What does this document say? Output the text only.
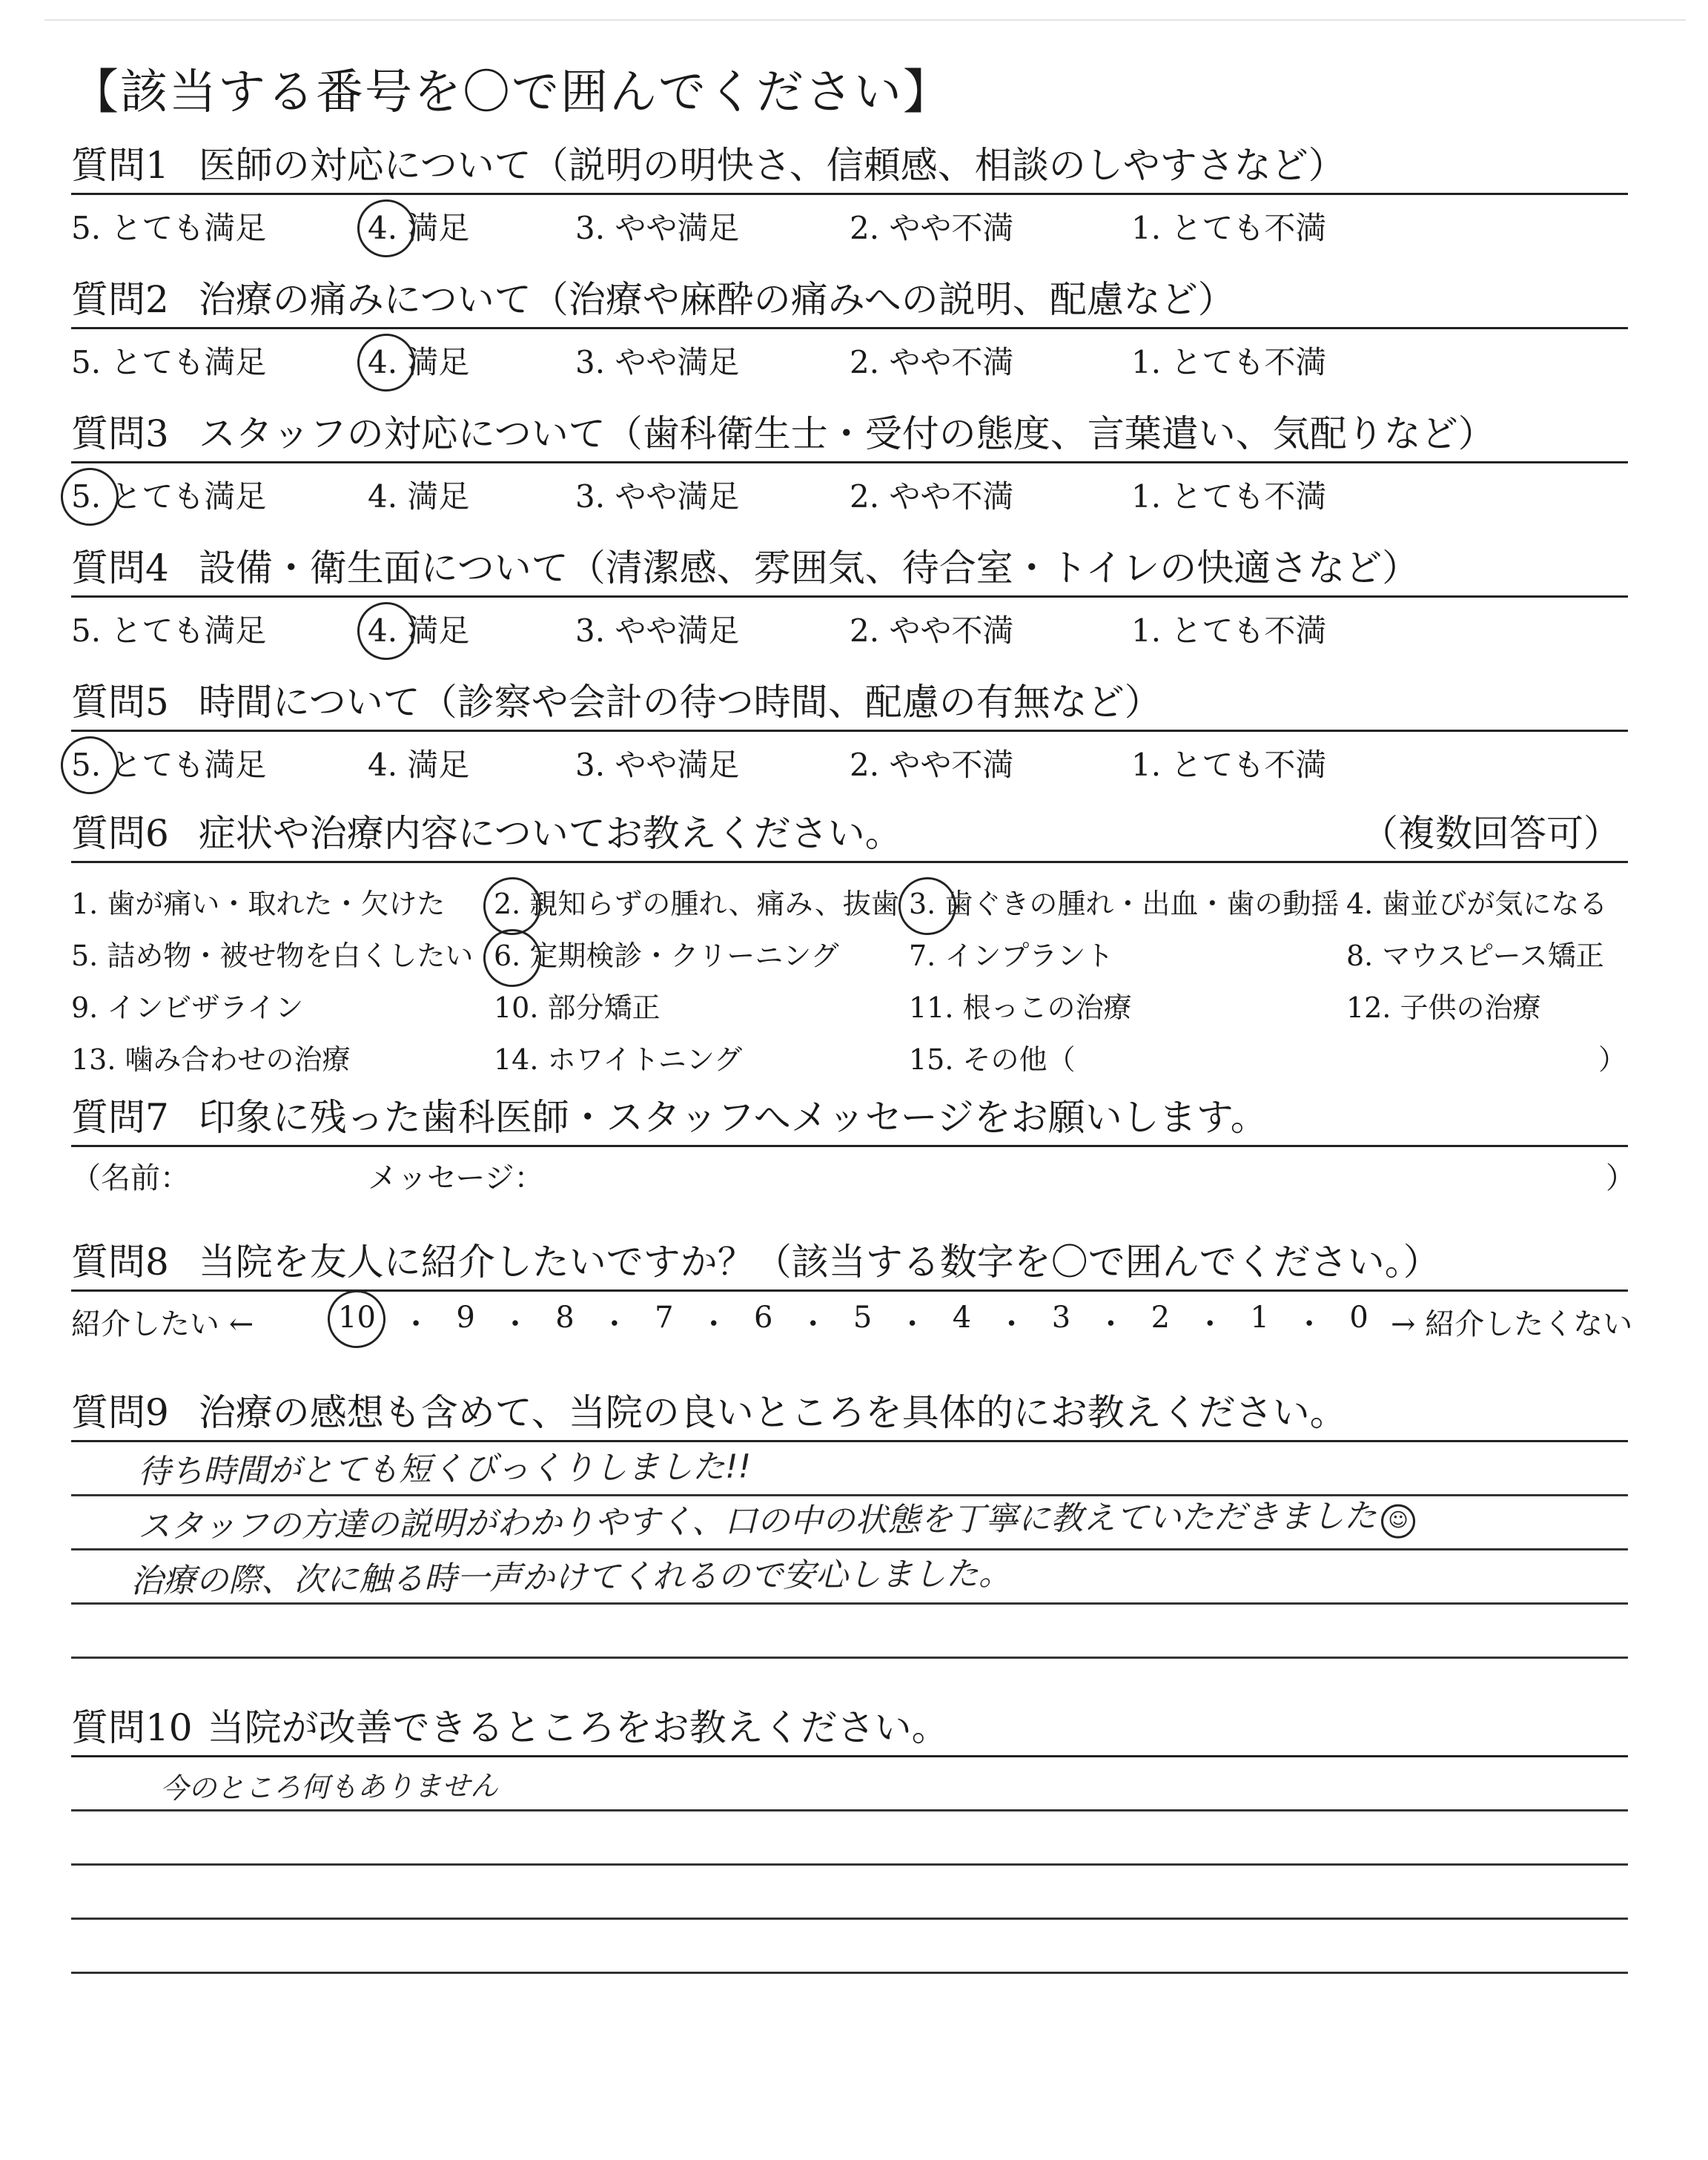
【該当する番号を〇で囲んでください】
質問1 医師の対応について（説明の明快さ、信頼感、相談のしやすさなど）
5. とても満足	4. 満足	3. やや満足	2. やや不満	1. とても不満
質問2 治療の痛みについて（治療や麻酔の痛みへの説明、配慮など）
5. とても満足	4. 満足	3. やや満足	2. やや不満	1. とても不満
質問3 スタッフの対応について（歯科衛生士・受付の態度、言葉遣い、気配りなど）
5. とても満足	4. 満足	3. やや満足	2. やや不満	1. とても不満
質問4 設備・衛生面について（清潔感、雰囲気、待合室・トイレの快適さなど）
5. とても満足	4. 満足	3. やや満足	2. やや不満	1. とても不満
質問5 時間について（診察や会計の待つ時間、配慮の有無など）
5. とても満足	4. 満足	3. やや満足	2. やや不満	1. とても不満
質問6 症状や治療内容についてお教えください。	（複数回答可）
1. 歯が痛い・取れた・欠けた 2. 親知らずの腫れ、痛み、抜歯 3. 歯ぐきの腫れ・出血・歯の動揺 4. 歯並びが気になる
5. 詰め物・被せ物を白くしたい 6. 定期検診・クリーニング 7. インプラント	8. マウスピース矯正
9. インビザライン	10. 部分矯正	11. 根っこの治療	12. 子供の治療
13. 噛み合わせの治療	14. ホワイトニング	15. その他（	）
質問7 印象に残った歯科医師・スタッフへメッセージをお願いします。
（名前：	メッセージ：	）
質問8 当院を友人に紹介したいですか？（該当する数字を〇で囲んでください。）
紹介したい ←	10 ・ 9 ・ 8 ・ 7 ・ 6 ・ 5 ・ 4 ・ 3 ・ 2 ・ 1 ・ 0 → 紹介したくない
質問9 治療の感想も含めて、当院の良いところを具体的にお教えください。
待ち時間がとても短くびっくりしました!!
スタッフの方達の説明がわかりやすく、口の中の状態を丁寧に教えていただきました ☺
治療の際、次に触る時一声かけてくれるので安心しました。
質問10 当院が改善できるところをお教えください。
今のところ何もありません
